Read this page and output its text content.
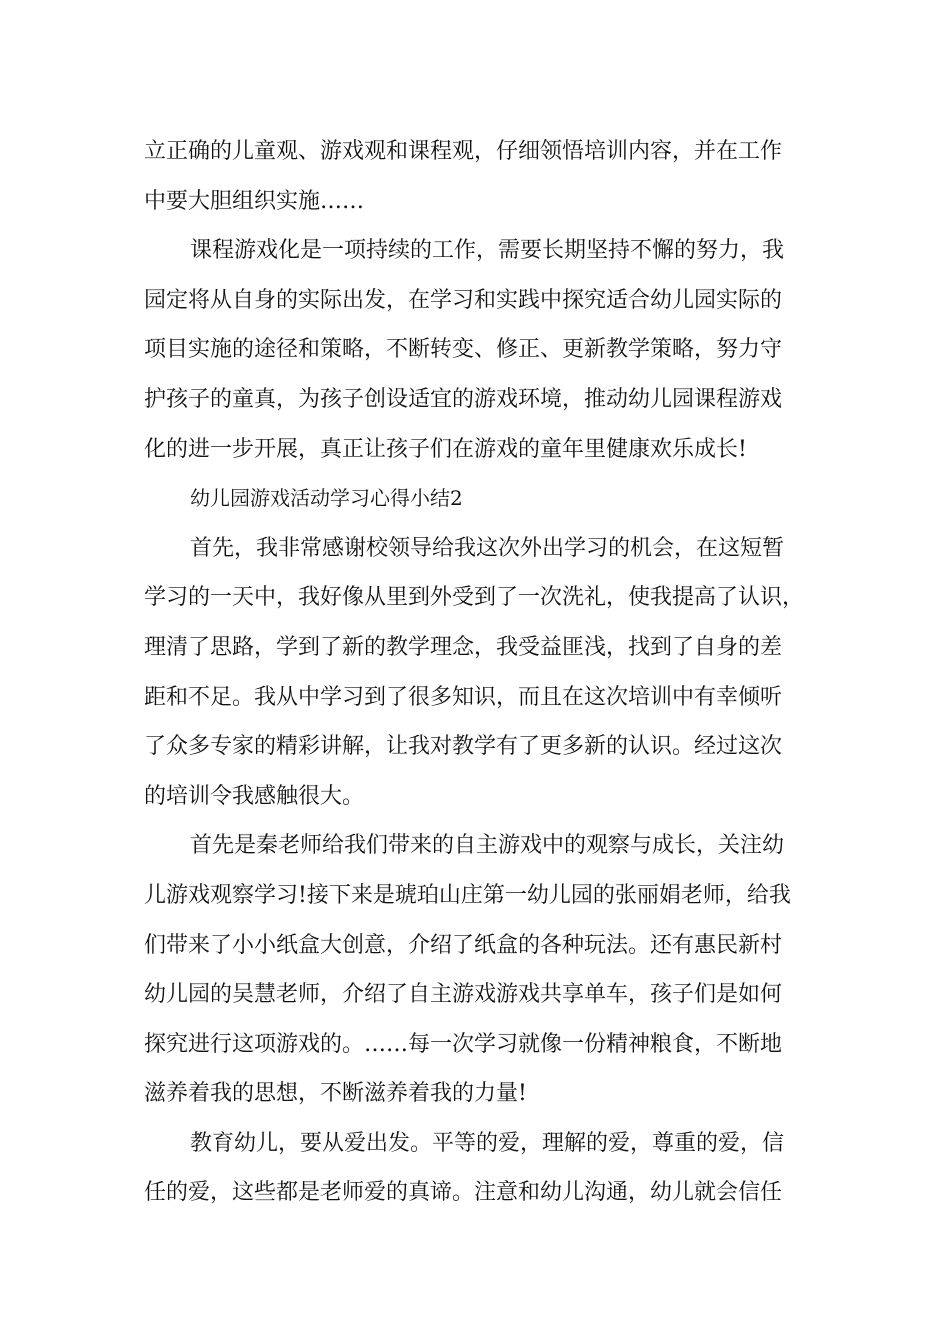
立正确的儿童观、游戏观和课程观，仔细领悟培训内容，并在工作
中要大胆组织实施……
课程游戏化是一项持续的工作，需要长期坚持不懈的努力，我
园定将从自身的实际出发，在学习和实践中探究适合幼儿园实际的
项目实施的途径和策略，不断转变、修正、更新教学策略，努力守
护孩子的童真，为孩子创设适宜的游戏环境，推动幼儿园课程游戏
化的进一步开展，真正让孩子们在游戏的童年里健康欢乐成长!
幼儿园游戏活动学习心得小结2
首先，我非常感谢校领导给我这次外出学习的机会，在这短暂
学习的一天中，我好像从里到外受到了一次洗礼，使我提高了认识，
理清了思路，学到了新的教学理念，我受益匪浅，找到了自身的差
距和不足。我从中学习到了很多知识，而且在这次培训中有幸倾听
了众多专家的精彩讲解，让我对教学有了更多新的认识。经过这次
的培训令我感触很大。
首先是秦老师给我们带来的自主游戏中的观察与成长，关注幼
儿游戏观察学习!接下来是琥珀山庄第一幼儿园的张丽娟老师，给我
们带来了小小纸盒大创意，介绍了纸盒的各种玩法。还有惠民新村
幼儿园的吴慧老师，介绍了自主游戏游戏共享单车，孩子们是如何
探究进行这项游戏的。……每一次学习就像一份精神粮食，不断地
滋养着我的思想，不断滋养着我的力量!
教育幼儿，要从爱出发。平等的爱，理解的爱，尊重的爱，信
任的爱，这些都是老师爱的真谛。注意和幼儿沟通，幼儿就会信任
